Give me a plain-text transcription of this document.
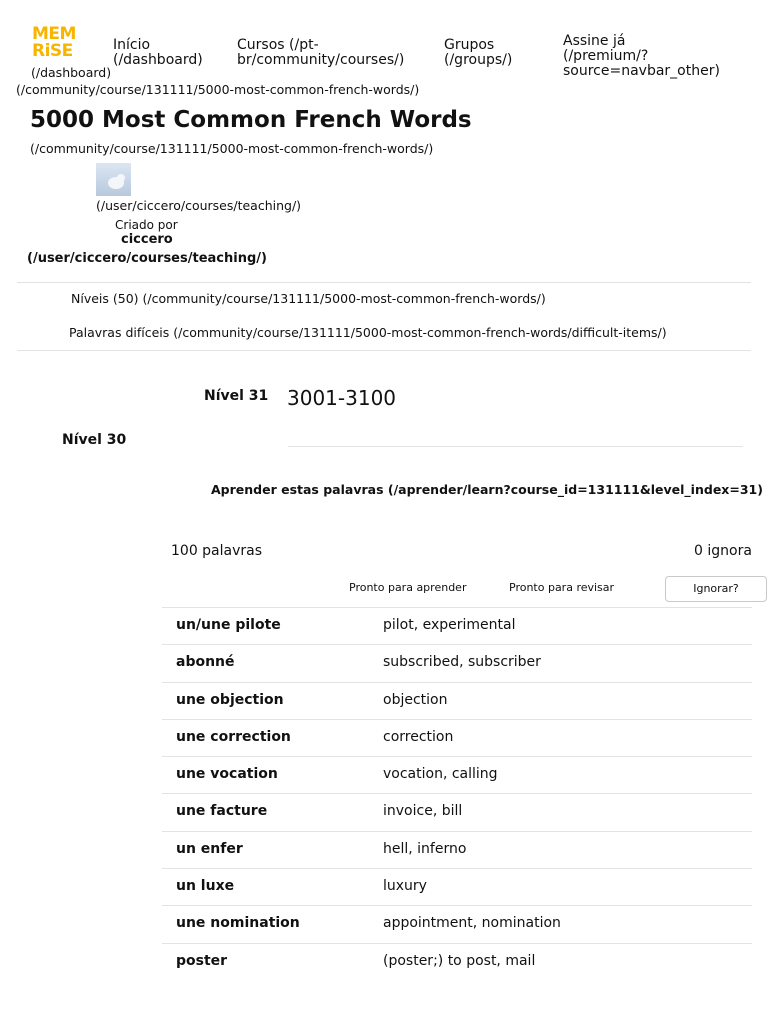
MEM
RiSE
(/dashboard)
(/community/course/131111/5000-most-common-french-words/)
Início
(/dashboard)
Cursos (/pt-
br/community/courses/)
Grupos
(/groups/)
Assine já
(/premium/?
source=navbar_other)
5000 Most Common French Words
(/community/course/131111/5000-most-common-french-words/)
(/user/ciccero/courses/teaching/)
Criado por
ciccero
(/user/ciccero/courses/teaching/)
Níveis (50) (/community/course/131111/5000-most-common-french-words/)
Palavras difíceis (/community/course/131111/5000-most-common-french-words/difficult-items/)
Nível 31 3001-3100
Nível 30
Aprender estas palavras (/aprender/learn?course_id=131111&level_index=31)
100 palavras	0 ignora
Pronto para aprender	Pronto para revisar	Ignorar?
un/une pilote	pilot, experimental
abonné	subscribed, subscriber
une objection	objection
une correction	correction
une vocation	vocation, calling
une facture	invoice, bill
un enfer	hell, inferno
un luxe	luxury
une nomination	appointment, nomination
poster	(poster;) to post, mail
